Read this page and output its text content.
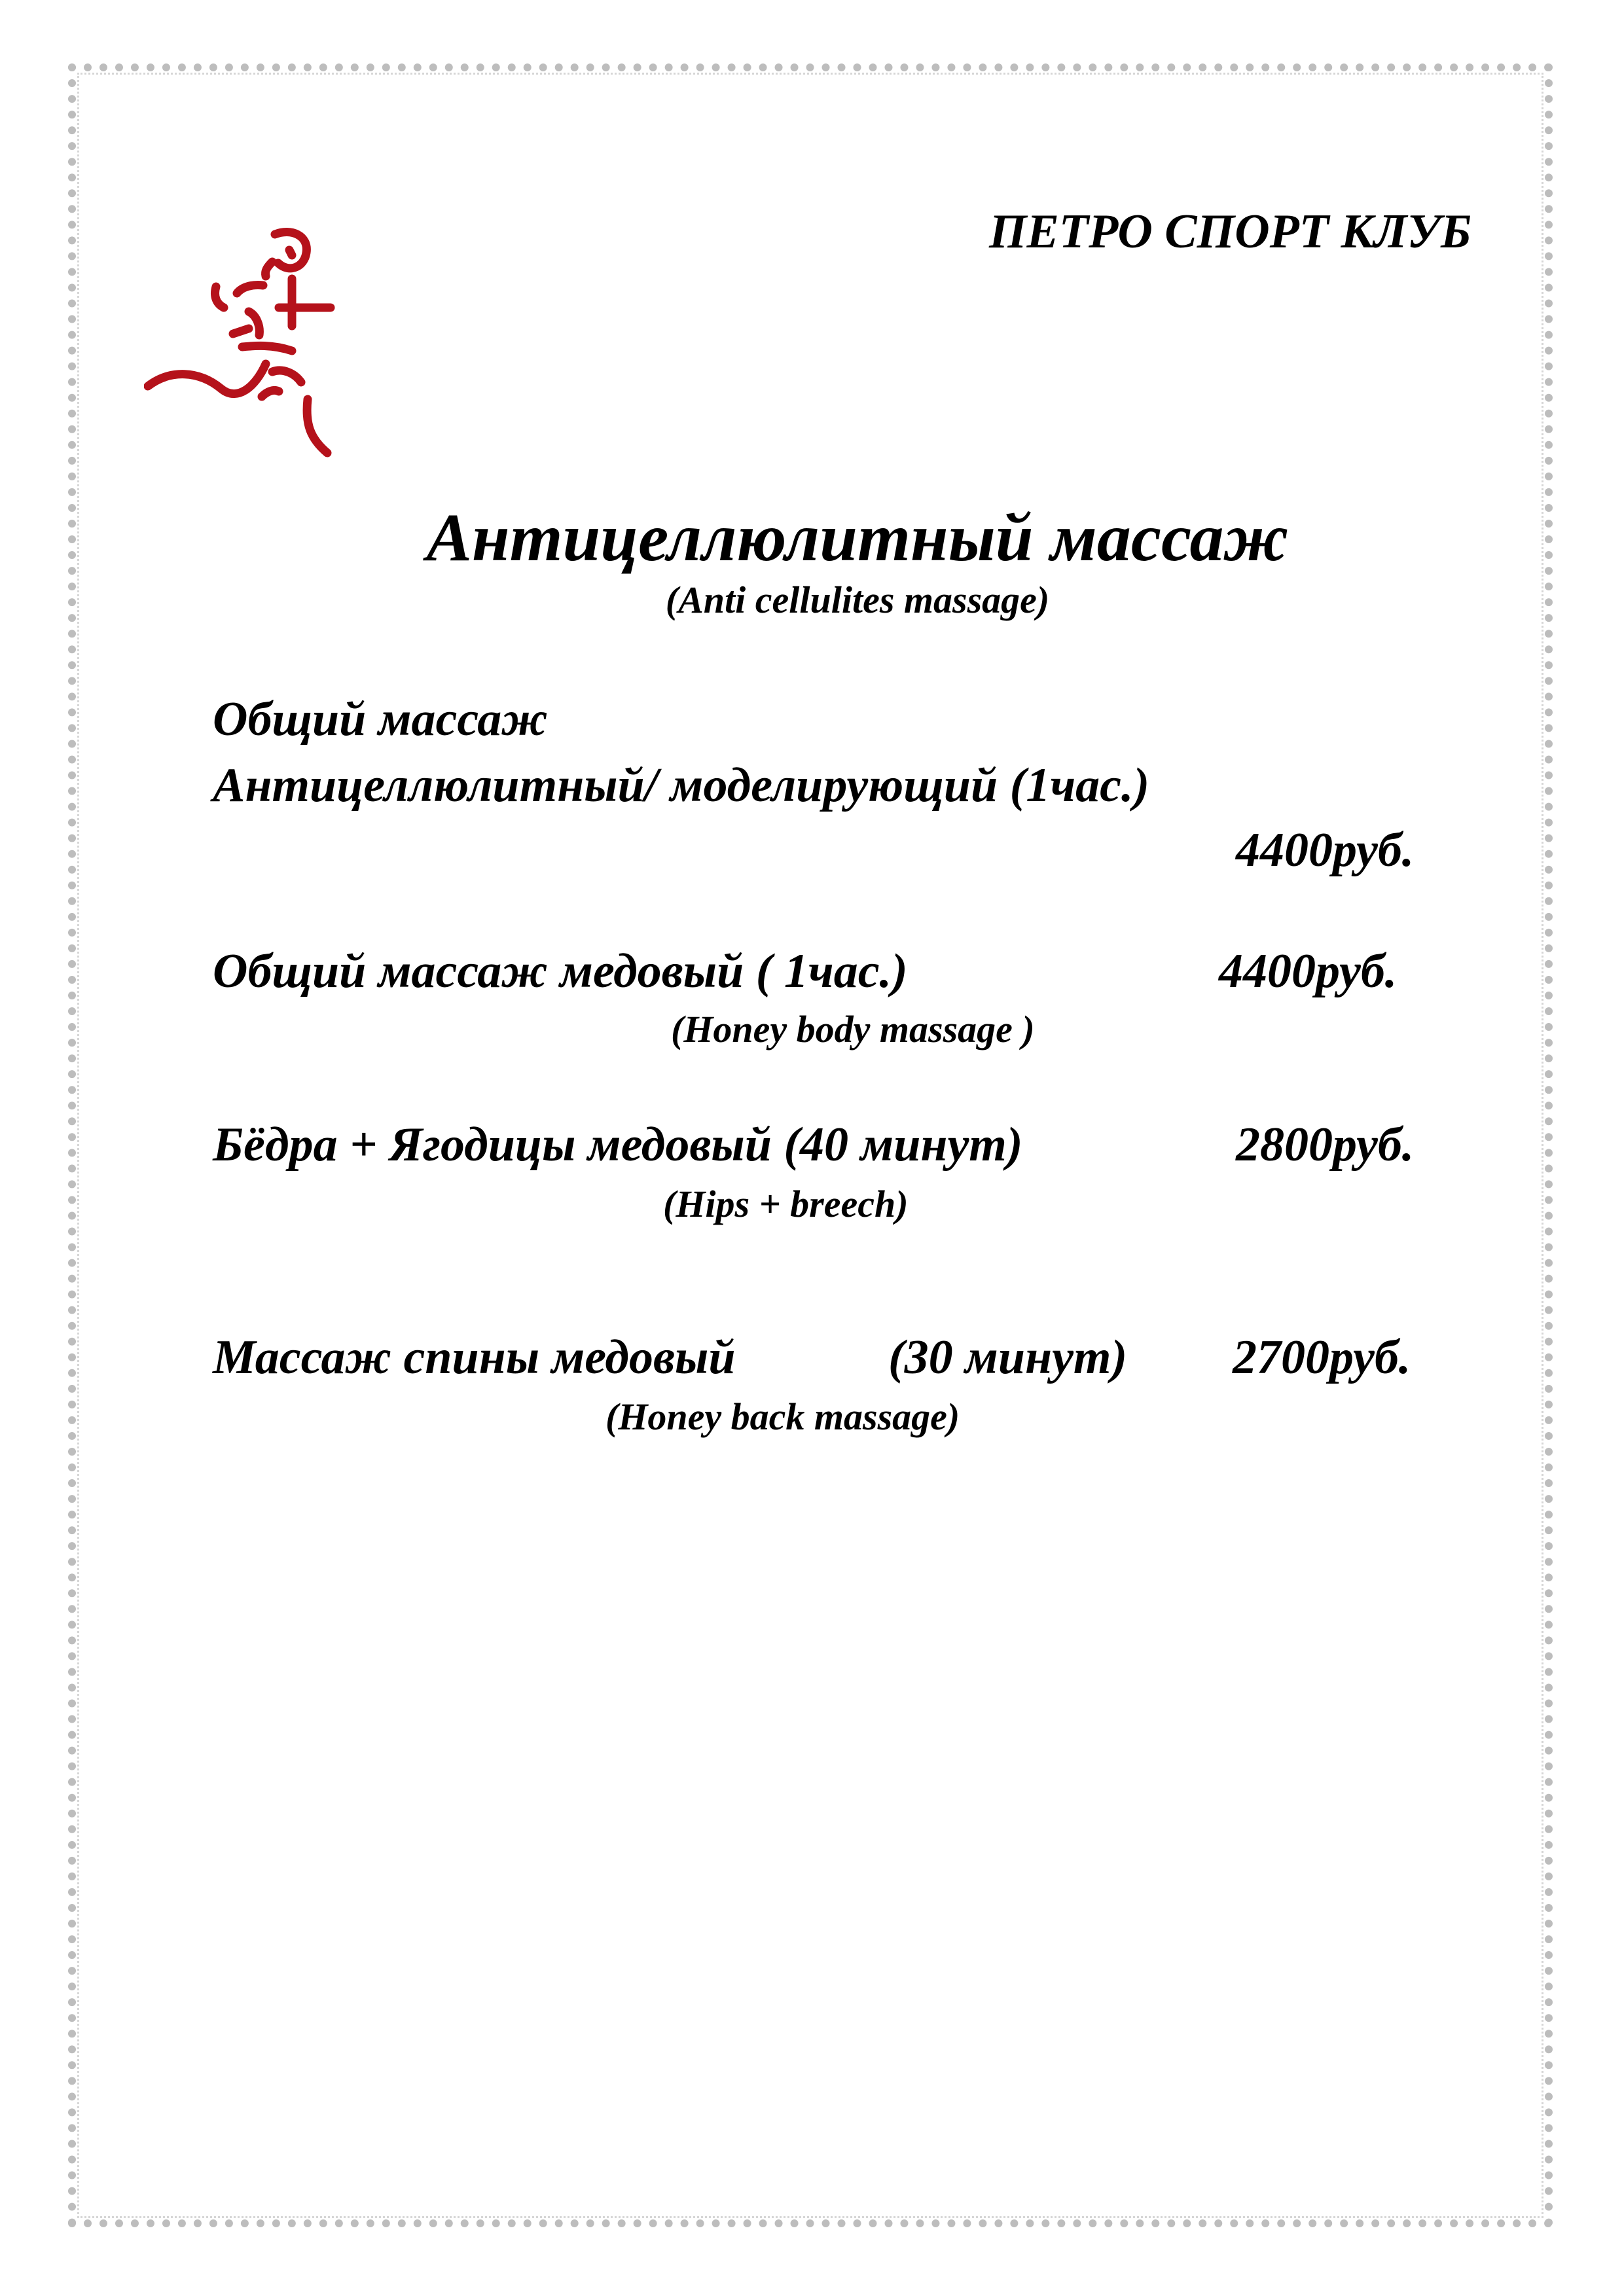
ПЕТРО СПОРТ КЛУБ

Антицеллюлитный массаж

(Anti cellulites massage)

Общий массаж

Антицеллюлитный/ моделирующий (1час.)

4400руб.

Общий массаж медовый ( 1час.)	4400руб.

(Honey body massage )

Бёдра + Ягодицы медовый (40 минут)	2800руб.

(Hips + breech)

Массаж спины медовый	(30 минут) 2700руб.

(Honey back massage)
